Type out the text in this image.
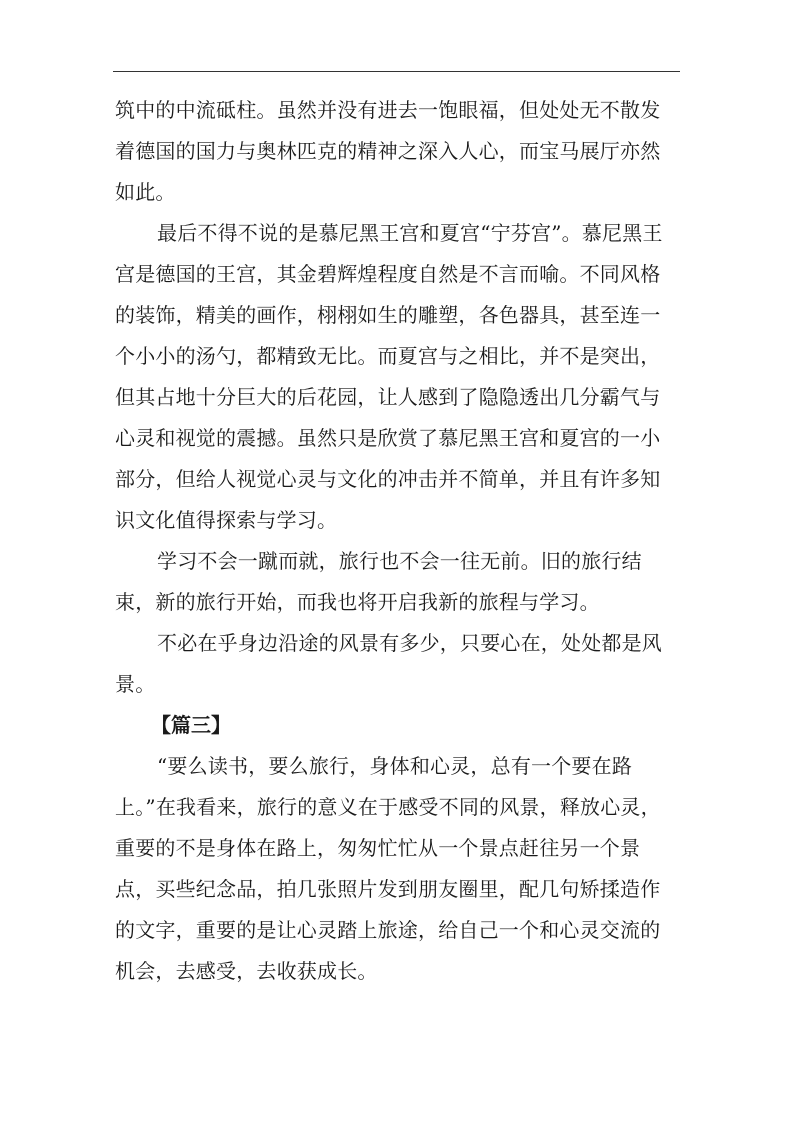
筑中的中流砥柱。虽然并没有进去一饱眼福，但处处无不散发着德国的国力与奥林匹克的精神之深入人心，而宝马展厅亦然如此。

最后不得不说的是慕尼黑王宫和夏宫“宁芬宫”。慕尼黑王宫是德国的王宫，其金碧辉煌程度自然是不言而喻。不同风格的装饰，精美的画作，栩栩如生的雕塑，各色器具，甚至连一个小小的汤勺，都精致无比。而夏宫与之相比，并不是突出，但其占地十分巨大的后花园，让人感到了隐隐透出几分霸气与心灵和视觉的震撼。虽然只是欣赏了慕尼黑王宫和夏宫的一小部分，但给人视觉心灵与文化的冲击并不简单，并且有许多知识文化值得探索与学习。

学习不会一蹴而就，旅行也不会一往无前。旧的旅行结束，新的旅行开始，而我也将开启我新的旅程与学习。

不必在乎身边沿途的风景有多少，只要心在，处处都是风景。

【篇三】

“要么读书，要么旅行，身体和心灵，总有一个要在路上。”在我看来，旅行的意义在于感受不同的风景，释放心灵，重要的不是身体在路上，匆匆忙忙从一个景点赶往另一个景点，买些纪念品，拍几张照片发到朋友圈里，配几句矫揉造作的文字，重要的是让心灵踏上旅途，给自己一个和心灵交流的机会，去感受，去收获成长。
